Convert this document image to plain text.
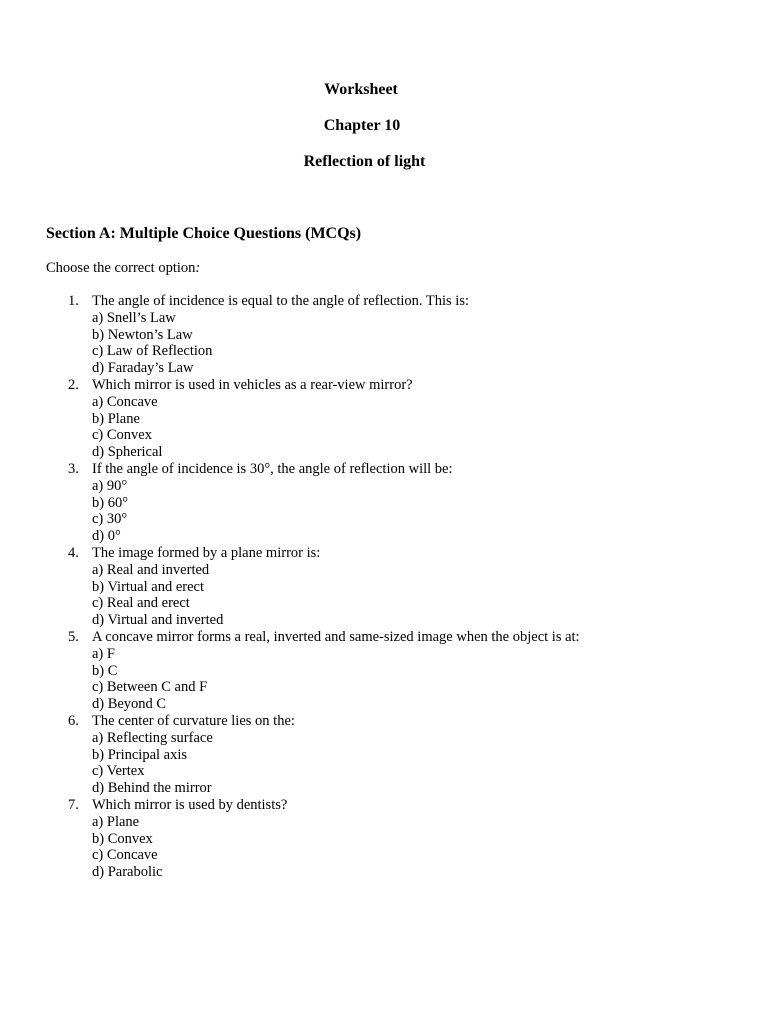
Worksheet
Chapter 10
Reflection of light
Section A: Multiple Choice Questions (MCQs)

Choose the correct option:

1. The angle of incidence is equal to the angle of reflection. This is:
a) Snell’s Law
b) Newton’s Law
c) Law of Reflection
d) Faraday’s Law
2. Which mirror is used in vehicles as a rear-view mirror?
a) Concave
b) Plane
c) Convex
d) Spherical
3. If the angle of incidence is 30°, the angle of reflection will be:
a) 90°
b) 60°
c) 30°
d) 0°
4. The image formed by a plane mirror is:
a) Real and inverted
b) Virtual and erect
c) Real and erect
d) Virtual and inverted
5. A concave mirror forms a real, inverted and same-sized image when the object is at:
a) F
b) C
c) Between C and F
d) Beyond C
6. The center of curvature lies on the:
a) Reflecting surface
b) Principal axis
c) Vertex
d) Behind the mirror
7. Which mirror is used by dentists?
a) Plane
b) Convex
c) Concave
d) Parabolic
